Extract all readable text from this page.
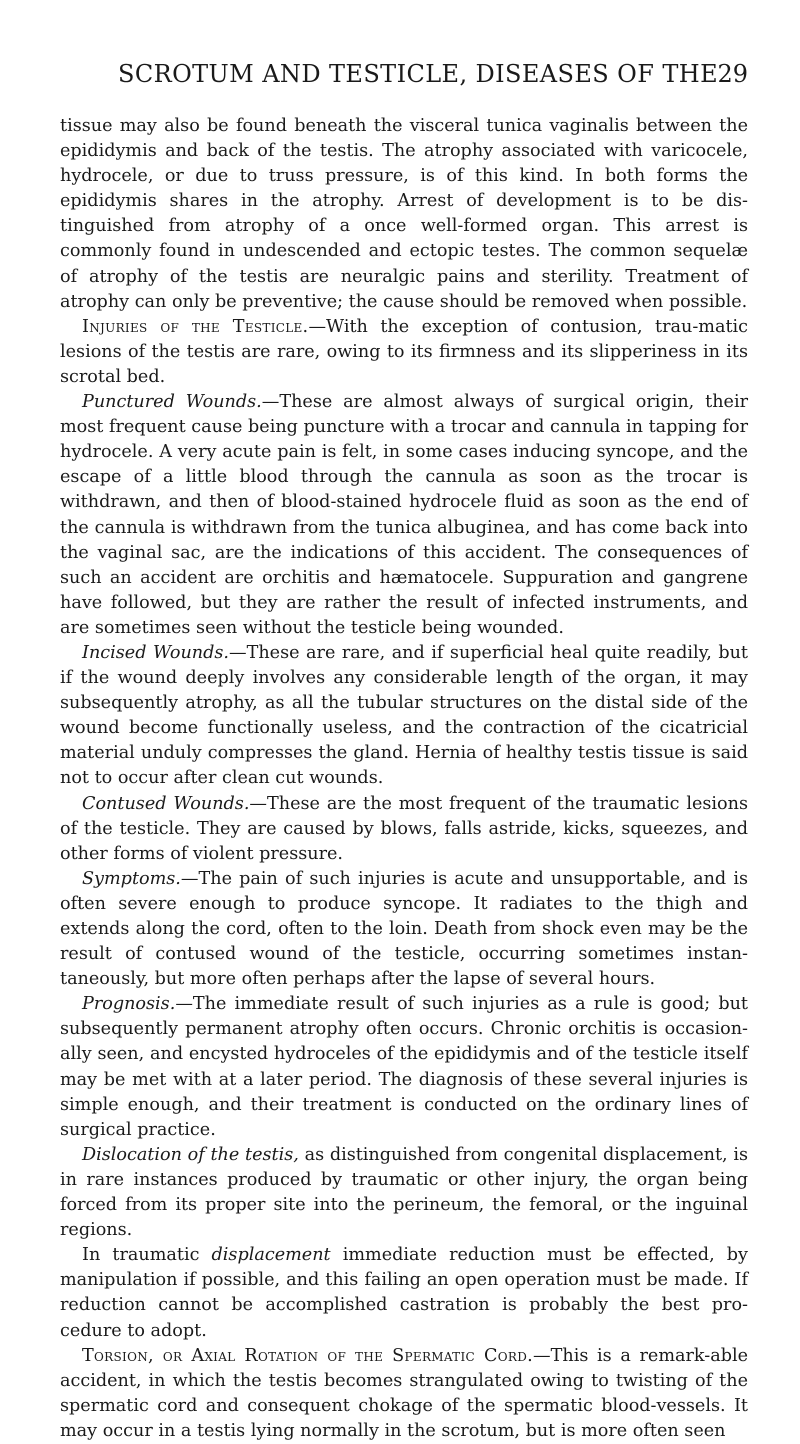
SCROTUM AND TESTICLE, DISEASES OF THE 29

tissue may also be found beneath the visceral tunica vaginalis between the epididymis and back of the testis. The atrophy associated with varicocele, hydrocele, or due to truss pressure, is of this kind. In both forms the epididymis shares in the atrophy. Arrest of development is to be dis-tinguished from atrophy of a once well-formed organ. This arrest is commonly found in undescended and ectopic testes. The common sequelæ of atrophy of the testis are neuralgic pains and sterility. Treatment of atrophy can only be preventive; the cause should be removed when possible.

Injuries of the Testicle.—With the exception of contusion, trau-matic lesions of the testis are rare, owing to its firmness and its slipperiness in its scrotal bed.

Punctured Wounds.—These are almost always of surgical origin, their most frequent cause being puncture with a trocar and cannula in tapping for hydrocele. A very acute pain is felt, in some cases inducing syncope, and the escape of a little blood through the cannula as soon as the trocar is withdrawn, and then of blood-stained hydrocele fluid as soon as the end of the cannula is withdrawn from the tunica albuginea, and has come back into the vaginal sac, are the indications of this accident. The consequences of such an accident are orchitis and hæmatocele. Suppuration and gangrene have followed, but they are rather the result of infected instruments, and are sometimes seen without the testicle being wounded.

Incised Wounds.—These are rare, and if superficial heal quite readily, but if the wound deeply involves any considerable length of the organ, it may subsequently atrophy, as all the tubular structures on the distal side of the wound become functionally useless, and the contraction of the cicatricial material unduly compresses the gland. Hernia of healthy testis tissue is said not to occur after clean cut wounds.

Contused Wounds.—These are the most frequent of the traumatic lesions of the testicle. They are caused by blows, falls astride, kicks, squeezes, and other forms of violent pressure.

Symptoms.—The pain of such injuries is acute and unsupportable, and is often severe enough to produce syncope. It radiates to the thigh and extends along the cord, often to the loin. Death from shock even may be the result of contused wound of the testicle, occurring sometimes instan-taneously, but more often perhaps after the lapse of several hours.

Prognosis.—The immediate result of such injuries as a rule is good; but subsequently permanent atrophy often occurs. Chronic orchitis is occasion-ally seen, and encysted hydroceles of the epididymis and of the testicle itself may be met with at a later period. The diagnosis of these several injuries is simple enough, and their treatment is conducted on the ordinary lines of surgical practice.

Dislocation of the testis, as distinguished from congenital displacement, is in rare instances produced by traumatic or other injury, the organ being forced from its proper site into the perineum, the femoral, or the inguinal regions.

In traumatic displacement immediate reduction must be effected, by manipulation if possible, and this failing an open operation must be made. If reduction cannot be accomplished castration is probably the best pro-cedure to adopt.

Torsion, or Axial Rotation of the Spermatic Cord.—This is a remark-able accident, in which the testis becomes strangulated owing to twisting of the spermatic cord and consequent chokage of the spermatic blood-vessels. It may occur in a testis lying normally in the scrotum, but is more often seen
